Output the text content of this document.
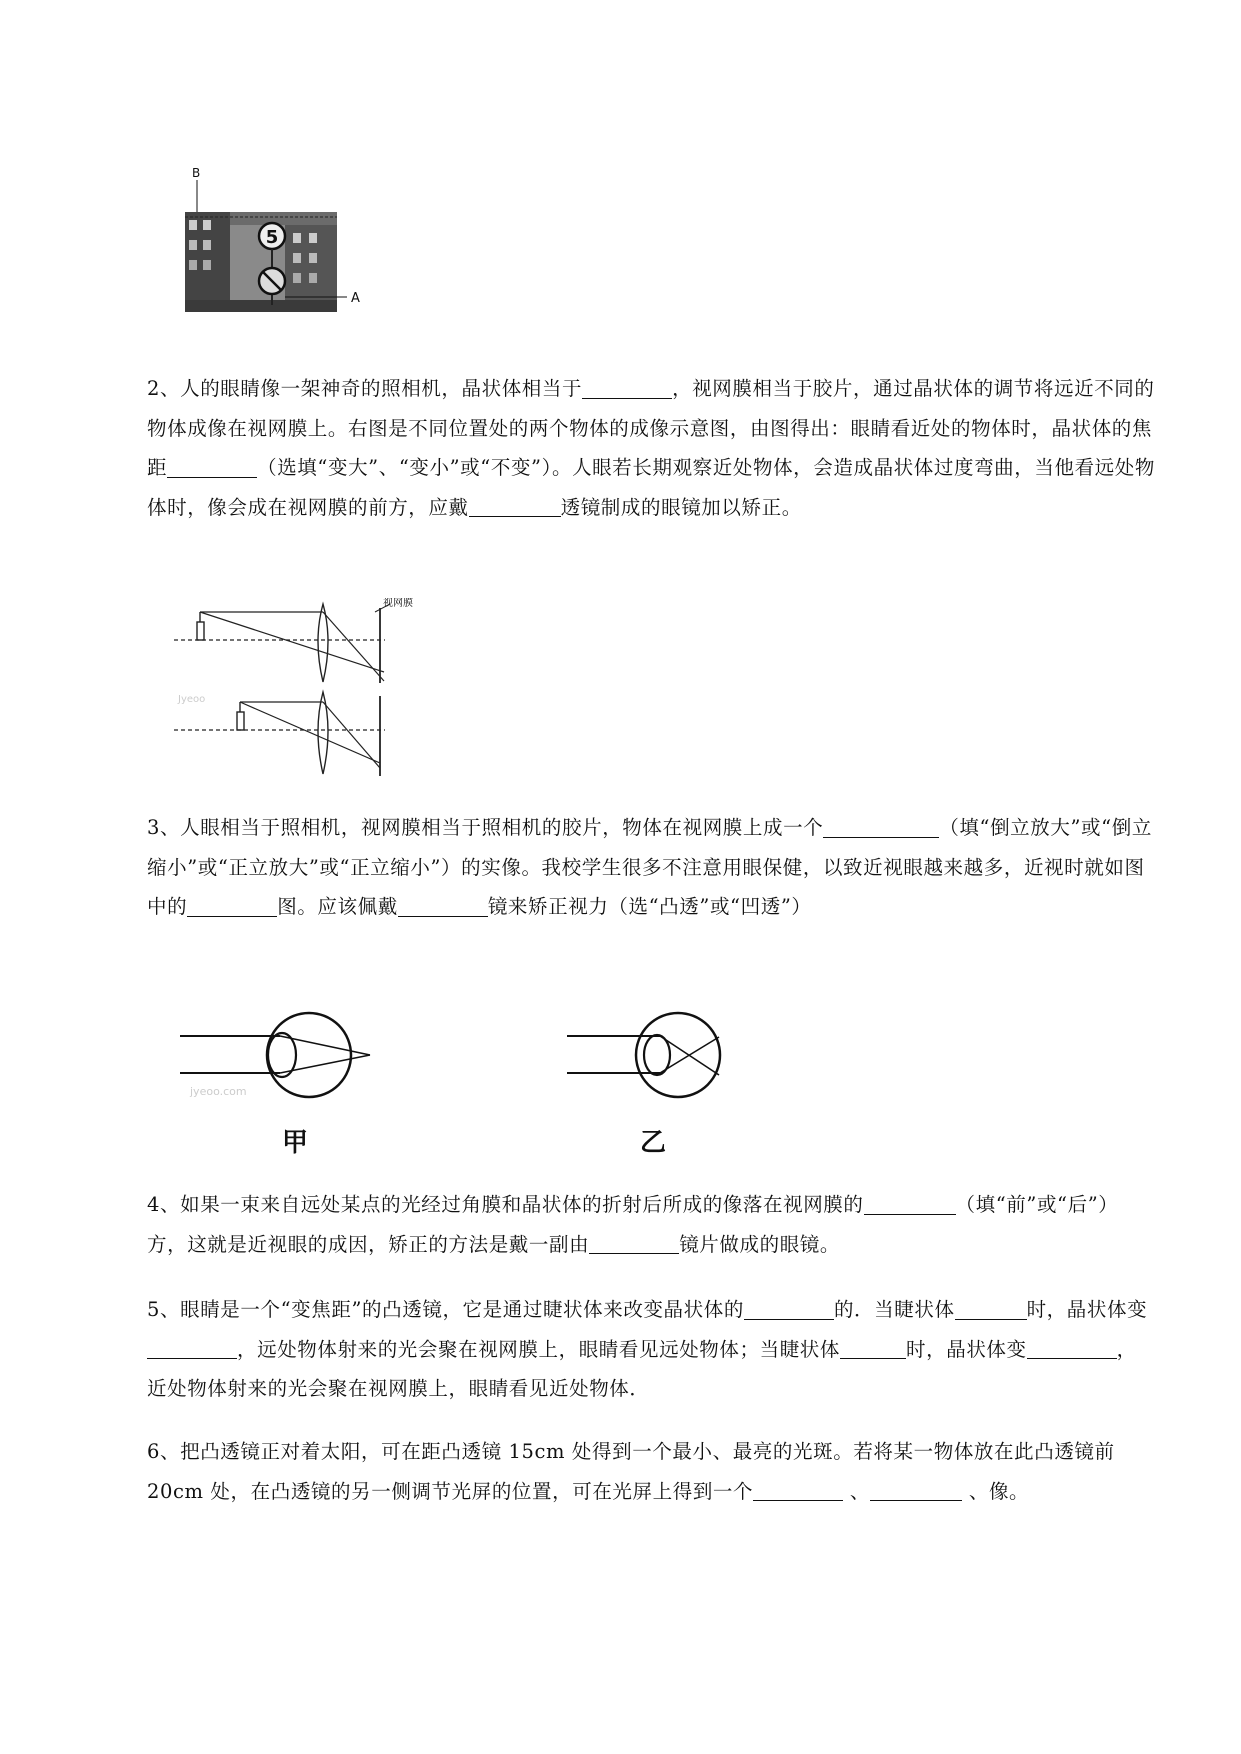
5
B
A

2、人的眼睛像一架神奇的照相机，晶状体相当于	，视网膜相当于胶片，通过晶状体的调节将远近不同的物体成像在视网膜上。右图是不同位置处的两个物体的成像示意图，由图得出：眼睛看近处的物体时，晶状体的焦距	（选填“变大”、“变小”或“不变”）。人眼若长期观察近处物体，会造成晶状体过度弯曲，当他看远处物体时，像会成在视网膜的前方，应戴	透镜制成的眼镜加以矫正。

视网膜
Jyeoo

3、人眼相当于照相机，视网膜相当于照相机的胶片，物体在视网膜上成一个	（填“倒立放大”或“倒立缩小”或“正立放大”或“正立缩小”）的实像。我校学生很多不注意用眼保健，以致近视眼越来越多，近视时就如图中的	图。应该佩戴	镜来矫正视力（选“凸透”或“凹透”）

jyeoo.com
甲	乙

4、如果一束来自远处某点的光经过角膜和晶状体的折射后所成的像落在视网膜的	（填“前”或“后”）方，这就是近视眼的成因，矫正的方法是戴一副由	镜片做成的眼镜。

5、眼睛是一个“变焦距”的凸透镜，它是通过睫状体来改变晶状体的	的．当睫状体	时，晶状体变，远处物体射来的光会聚在视网膜上，眼睛看见远处物体；当睫状体	时，晶状体变	，近处物体射来的光会聚在视网膜上，眼睛看见近处物体．

6、把凸透镜正对着太阳，可在距凸透镜 15cm 处得到一个最小、最亮的光斑。若将某一物体放在此凸透镜前 20cm 处，在凸透镜的另一侧调节光屏的位置，可在光屏上得到一个	、	、像。
